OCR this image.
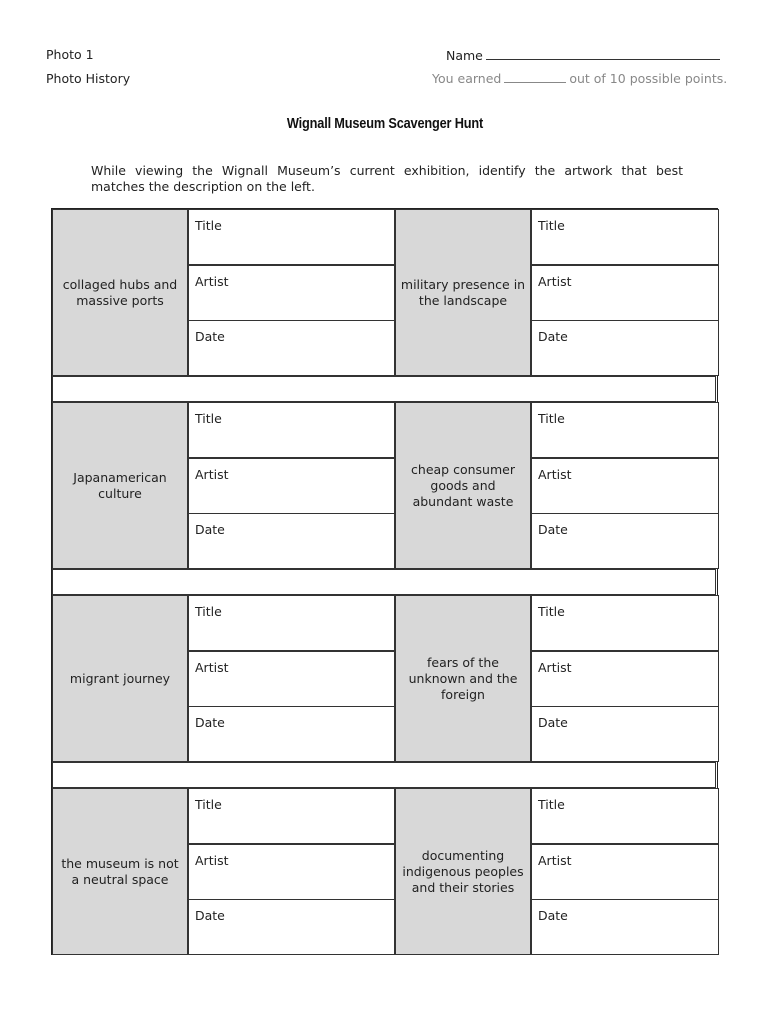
Photo 1
Photo History
Name
You earned	out of 10 possible points.
Wignall Museum Scavenger Hunt
While viewing the Wignall Museum’s current exhibition, identify the artwork that best matches the description on the left.
collaged hubs and massive ports
military presence in the landscape
Title
Artist
Date
Title
Artist
Date
Japanamerican culture
cheap consumer goods and abundant waste
Title
Artist
Date
Title
Artist
Date
migrant journey
fears of the unknown and the foreign
Title
Artist
Date
Title
Artist
Date
the museum is not a neutral space
documenting indigenous peoples and their stories
Title
Artist
Date
Title
Artist
Date
